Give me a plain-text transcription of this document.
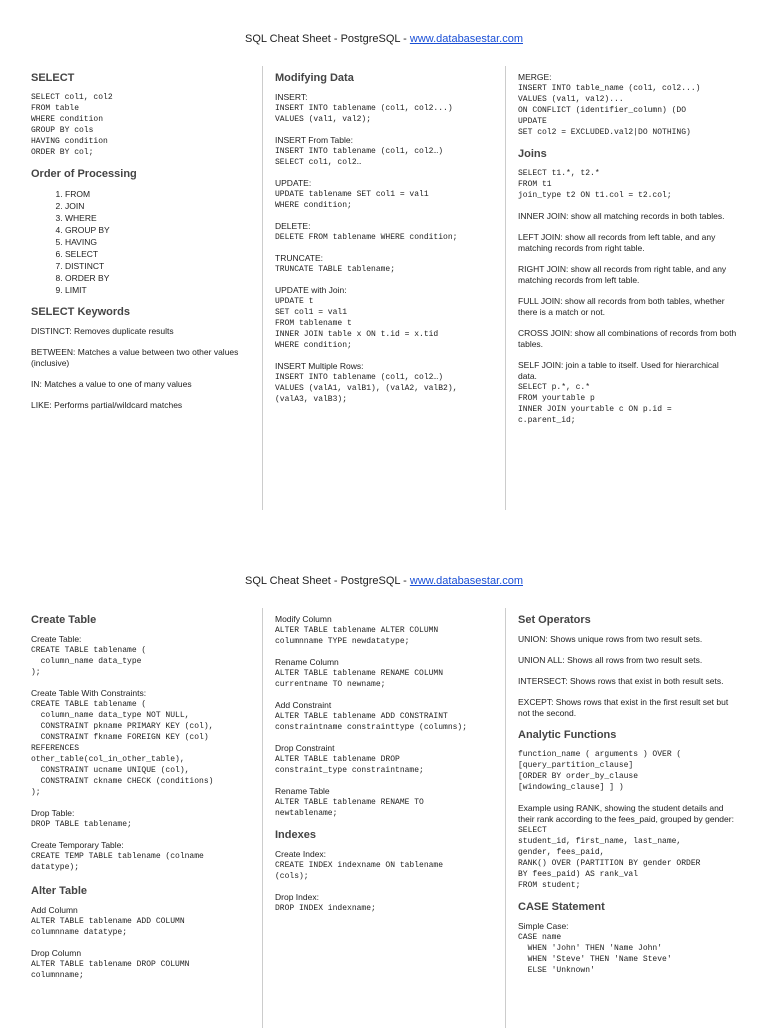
SQL Cheat Sheet - PostgreSQL - www.databasestar.com
SELECT
SELECT col1, col2
FROM table
WHERE condition
GROUP BY cols
HAVING condition
ORDER BY col;
Order of Processing
1. FROM
2. JOIN
3. WHERE
4. GROUP BY
5. HAVING
6. SELECT
7. DISTINCT
8. ORDER BY
9. LIMIT
SELECT Keywords
DISTINCT: Removes duplicate results
BETWEEN: Matches a value between two other values (inclusive)
IN: Matches a value to one of many values
LIKE: Performs partial/wildcard matches
Modifying Data
INSERT:
INSERT INTO tablename (col1, col2...)
VALUES (val1, val2);
INSERT From Table:
INSERT INTO tablename (col1, col2…)
SELECT col1, col2…
UPDATE:
UPDATE tablename SET col1 = val1
WHERE condition;
DELETE:
DELETE FROM tablename WHERE condition;
TRUNCATE:
TRUNCATE TABLE tablename;
UPDATE with Join:
UPDATE t
SET col1 = val1
FROM tablename t
INNER JOIN table x ON t.id = x.tid
WHERE condition;
INSERT Multiple Rows:
INSERT INTO tablename (col1, col2…)
VALUES (valA1, valB1), (valA2, valB2),
(valA3, valB3);
MERGE:
INSERT INTO table_name (col1, col2...)
VALUES (val1, val2)...
ON CONFLICT (identifier_column) (DO
UPDATE
SET col2 = EXCLUDED.val2|DO NOTHING)
Joins
SELECT t1.*, t2.*
FROM t1
join_type t2 ON t1.col = t2.col;
INNER JOIN: show all matching records in both tables.
LEFT JOIN: show all records from left table, and any matching records from right table.
RIGHT JOIN: show all records from right table, and any matching records from left table.
FULL JOIN: show all records from both tables, whether there is a match or not.
CROSS JOIN: show all combinations of records from both tables.
SELF JOIN: join a table to itself. Used for hierarchical data.
SELECT p.*, c.*
FROM yourtable p
INNER JOIN yourtable c ON p.id =
c.parent_id;
SQL Cheat Sheet - PostgreSQL - www.databasestar.com
Create Table
Create Table:
CREATE TABLE tablename (
column_name data_type
);
Create Table With Constraints:
CREATE TABLE tablename (
column_name data_type NOT NULL,
CONSTRAINT pkname PRIMARY KEY (col),
CONSTRAINT fkname FOREIGN KEY (col)
REFERENCES
other_table(col_in_other_table),
CONSTRAINT ucname UNIQUE (col),
CONSTRAINT ckname CHECK (conditions)
);
Drop Table:
DROP TABLE tablename;
Create Temporary Table:
CREATE TEMP TABLE tablename (colname
datatype);
Alter Table
Add Column
ALTER TABLE tablename ADD COLUMN
columnname datatype;
Drop Column
ALTER TABLE tablename DROP COLUMN
columnname;
Modify Column
ALTER TABLE tablename ALTER COLUMN
columnname TYPE newdatatype;
Rename Column
ALTER TABLE tablename RENAME COLUMN
currentname TO newname;
Add Constraint
ALTER TABLE tablename ADD CONSTRAINT
constraintname constrainttype (columns);
Drop Constraint
ALTER TABLE tablename DROP
constraint_type constraintname;
Rename Table
ALTER TABLE tablename RENAME TO
newtablename;
Indexes
Create Index:
CREATE INDEX indexname ON tablename
(cols);
Drop Index:
DROP INDEX indexname;
Set Operators
UNION: Shows unique rows from two result sets.
UNION ALL: Shows all rows from two result sets.
INTERSECT: Shows rows that exist in both result sets.
EXCEPT: Shows rows that exist in the first result set but not the second.
Analytic Functions
function_name ( arguments ) OVER (
[query_partition_clause]
[ORDER BY order_by_clause
[windowing_clause] ] )
Example using RANK, showing the student details and their rank according to the fees_paid, grouped by gender:
SELECT
student_id, first_name, last_name,
gender, fees_paid,
RANK() OVER (PARTITION BY gender ORDER
BY fees_paid) AS rank_val
FROM student;
CASE Statement
Simple Case:
CASE name
WHEN 'John' THEN 'Name John'
WHEN 'Steve' THEN 'Name Steve'
ELSE 'Unknown'
